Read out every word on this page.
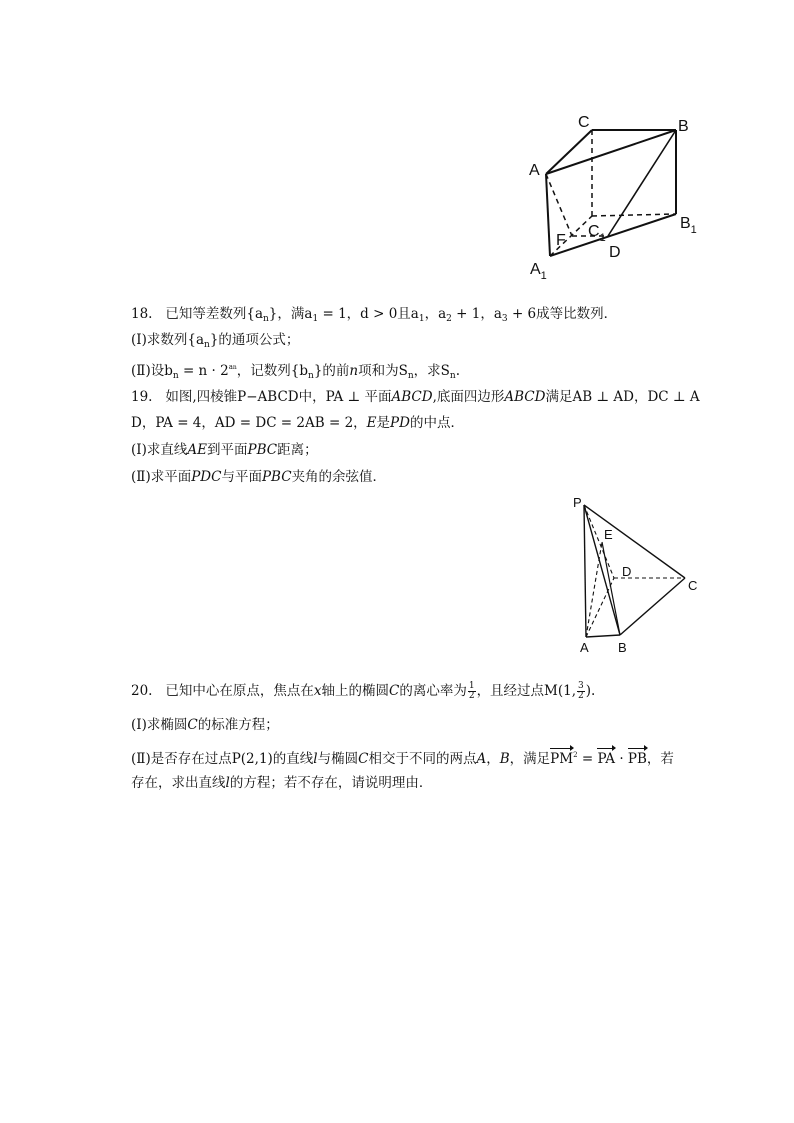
C	B
A
$B_1$
$C_1$
F
D
$A_1$
18. 已知等差数列$\{a_n\}$，满$a_1 = 1$，d > 0且$a_1$，$a_2 + 1$，$a_3 + 6$成等比数列．
(Ⅰ)求数列$\{a_n\}$的通项公式；
(Ⅱ)设$b_n = n \cdot 2^{an}$，记数列$\{b_n\}$的前n项和为$S_n$，求$S_n$.
19. 如图,四棱锥P−ABCD中，PA ⊥ 平面ABCD,底面四边形ABCD满足AB ⊥ AD，DC ⊥ A
D，PA = 4，AD = DC = 2AB = 2，E是PD的中点．
(Ⅰ)求直线AE到平面PBC距离；
(Ⅱ)求平面PDC与平面PBC夹角的余弦值．
P
E
D
C
A B
20. 已知中心在原点，焦点在x轴上的椭圆C的离心率为 $\frac{1}{2}$ ，且经过点M(1, $\frac{3}{2}$ ).
(Ⅰ)求椭圆C的标准方程；
(Ⅱ)是否存在过点P(2,1)的直线l与椭圆C相交于不同的两点A，B，满足$PM^2$ = PA · PB，若
存在，求出直线l的方程；若不存在，请说明理由．
